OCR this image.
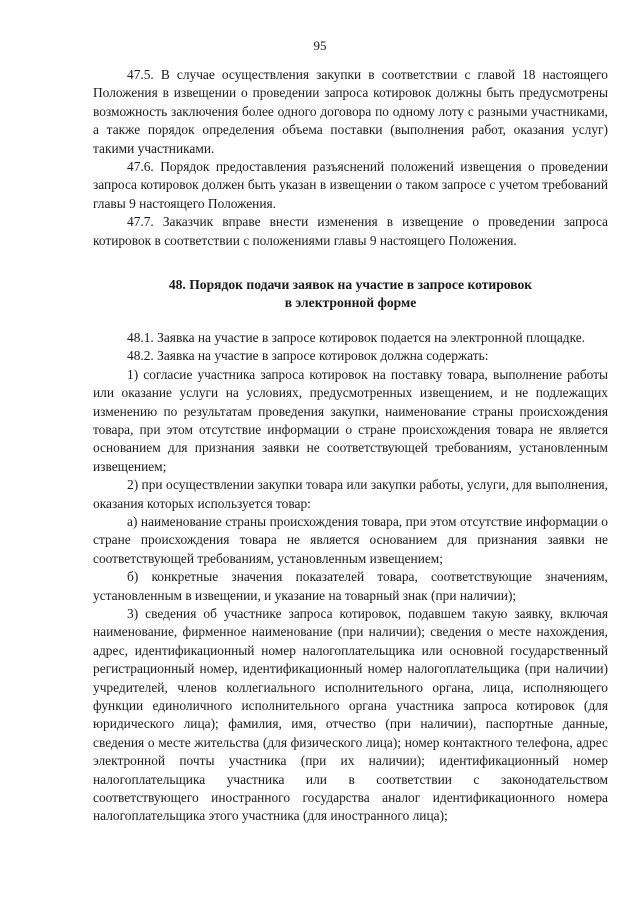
95

47.5. В случае осуществления закупки в соответствии с главой 18 настоящего Положения в извещении о проведении запроса котировок должны быть предусмотрены возможность заключения более одного договора по одному лоту с разными участниками, а также порядок определения объема поставки (выполнения работ, оказания услуг) такими участниками.

47.6. Порядок предоставления разъяснений положений извещения о проведении запроса котировок должен быть указан в извещении о таком запросе с учетом требований главы 9 настоящего Положения.

47.7. Заказчик вправе внести изменения в извещение о проведении запроса котировок в соответствии с положениями главы 9 настоящего Положения.

48. Порядок подачи заявок на участие в запросе котировок
в электронной форме

48.1. Заявка на участие в запросе котировок подается на электронной площадке.

48.2. Заявка на участие в запросе котировок должна содержать:

1) согласие участника запроса котировок на поставку товара, выполнение работы или оказание услуги на условиях, предусмотренных извещением, и не подлежащих изменению по результатам проведения закупки, наименование страны происхождения товара, при этом отсутствие информации о стране происхождения товара не является основанием для признания заявки не соответствующей требованиям, установленным извещением;

2) при осуществлении закупки товара или закупки работы, услуги, для выполнения, оказания которых используется товар:

а) наименование страны происхождения товара, при этом отсутствие информации о стране происхождения товара не является основанием для признания заявки не соответствующей требованиям, установленным извещением;

б) конкретные значения показателей товара, соответствующие значениям, установленным в извещении, и указание на товарный знак (при наличии);

3) сведения об участнике запроса котировок, подавшем такую заявку, включая наименование, фирменное наименование (при наличии); сведения о месте нахождения, адрес, идентификационный номер налогоплательщика или основной государственный регистрационный номер, идентификационный номер налогоплательщика (при наличии) учредителей, членов коллегиального исполнительного органа, лица, исполняющего функции единоличного исполнительного органа участника запроса котировок (для юридического лица); фамилия, имя, отчество (при наличии), паспортные данные, сведения о месте жительства (для физического лица); номер контактного телефона, адрес электронной почты участника (при их наличии); идентификационный номер налогоплательщика участника или в соответствии с законодательством соответствующего иностранного государства аналог идентификационного номера налогоплательщика этого участника (для иностранного лица);
